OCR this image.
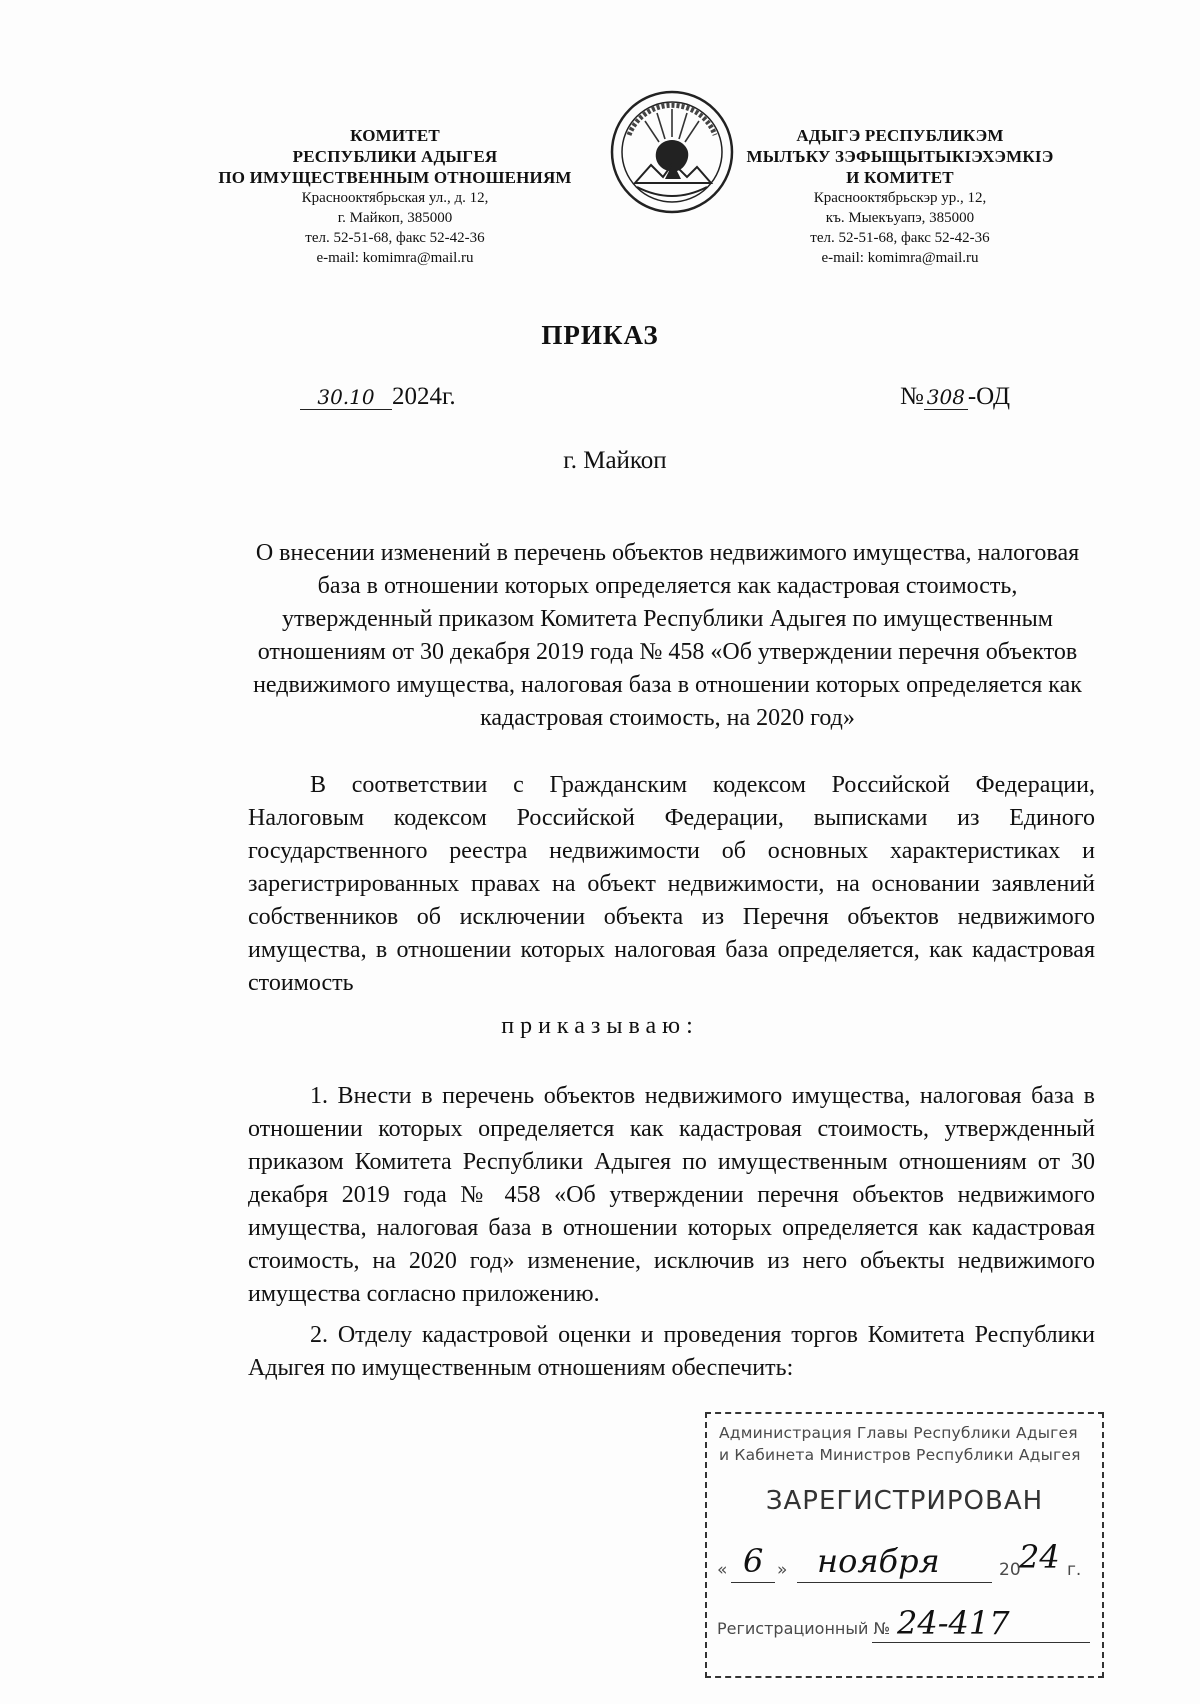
КОМИТЕТ
РЕСПУБЛИКИ АДЫГЕЯ
ПО ИМУЩЕСТВЕННЫМ ОТНОШЕНИЯМ
Краснооктябрьская ул., д. 12,
г. Майкоп, 385000
тел. 52-51-68, факс 52-42-36
e-mail: komimra@mail.ru
АДЫГЭ РЕСПУБЛИКЭМ
МЫЛЪКУ ЗЭФЫЩЫТЫКIЭХЭМКIЭ
И КОМИТЕТ
Краснооктябрьскэр ур., 12,
къ. Мыекъуапэ, 385000
тел. 52-51-68, факс 52-42-36
e-mail: komimra@mail.ru
ПРИКАЗ
30.10 2024г.	№ 308 -ОД
г. Майкоп
О внесении изменений в перечень объектов недвижимого имущества, налоговая база в отношении которых определяется как кадастровая стоимость, утвержденный приказом Комитета Республики Адыгея по имущественным отношениям от 30 декабря 2019 года № 458 «Об утверждении перечня объектов недвижимого имущества, налоговая база в отношении которых определяется как кадастровая стоимость, на 2020 год»
В соответствии с Гражданским кодексом Российской Федерации, Налоговым кодексом Российской Федерации, выписками из Единого государственного реестра недвижимости об основных характеристиках и зарегистрированных правах на объект недвижимости, на основании заявлений собственников об исключении объекта из Перечня объектов недвижимого имущества, в отношении которых налоговая база определяется, как кадастровая стоимость
приказываю:
1. Внести в перечень объектов недвижимого имущества, налоговая база в отношении которых определяется как кадастровая стоимость, утвержденный приказом Комитета Республики Адыгея по имущественным отношениям от 30 декабря 2019 года № 458 «Об утверждении перечня объектов недвижимого имущества, налоговая база в отношении которых определяется как кадастровая стоимость, на 2020 год» изменение, исключив из него объекты недвижимого имущества согласно приложению.
2. Отделу кадастровой оценки и проведения торгов Комитета Республики Адыгея по имущественным отношениям обеспечить:
Администрация Главы Республики Адыгея
и Кабинета Министров Республики Адыгея
ЗАРЕГИСТРИРОВАН
« 6 » ноября	20
24 г.
Регистрационный № 24-417
